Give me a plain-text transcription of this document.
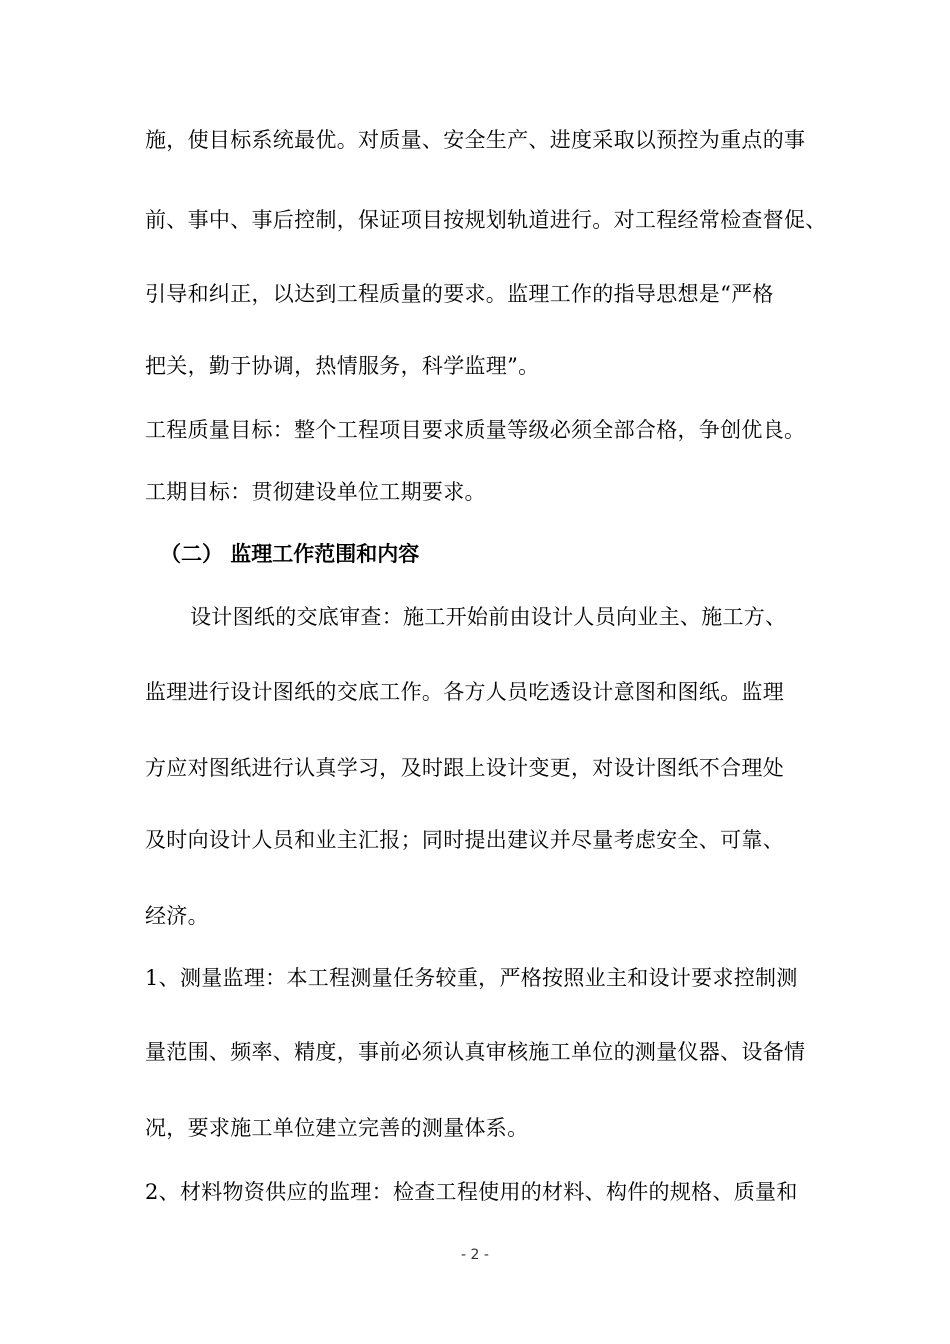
施，使目标系统最优。对质量、安全生产、进度采取以预控为重点的事
前、事中、事后控制，保证项目按规划轨道进行。对工程经常检查督促、
引导和纠正，以达到工程质量的要求。监理工作的指导思想是“严格
把关，勤于协调，热情服务，科学监理”。
工程质量目标：整个工程项目要求质量等级必须全部合格，争创优良。
工期目标：贯彻建设单位工期要求。
（二） 监理工作范围和内容
设计图纸的交底审查：施工开始前由设计人员向业主、施工方、
监理进行设计图纸的交底工作。各方人员吃透设计意图和图纸。监理
方应对图纸进行认真学习，及时跟上设计变更，对设计图纸不合理处
及时向设计人员和业主汇报；同时提出建议并尽量考虑安全、可靠、
经济。
1、测量监理：本工程测量任务较重，严格按照业主和设计要求控制测
量范围、频率、精度，事前必须认真审核施工单位的测量仪器、设备情
况，要求施工单位建立完善的测量体系。
2、材料物资供应的监理：检查工程使用的材料、构件的规格、质量和
- 2 -
